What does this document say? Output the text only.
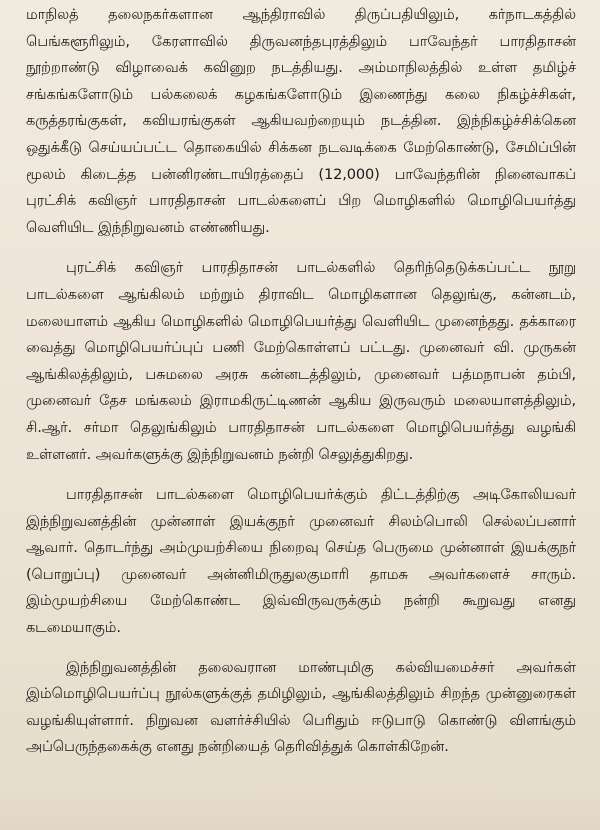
மாநிலத் தலைநகர்களான ஆந்திராவில் திருப்பதியிலும், கர்நாடகத்தில் பெங்களூரிலும், கேரளாவில் திருவனந்தபுரத்திலும் பாவேந்தர் பாரதிதாசன் நூற்றாண்டு விழாவைக் கவினுற நடத்தியது. அம்மாநிலத்தில் உள்ள தமிழ்ச் சங்கங்களோடும் பல்கலைக் கழகங்களோடும் இணைந்து கலை நிகழ்ச்சிகள், கருத்தரங்குகள், கவியரங்குகள் ஆகியவற்றையும் நடத்தின. இந்நிகழ்ச்சிக்கென ஒதுக்கீடு செய்யப்பட்ட தொகையில் சிக்கன நடவடிக்கை மேற்கொண்டு, சேமிப்பின் மூலம் கிடைத்த பன்னிரண்டாயிரத்தைப் (12,000) பாவேந்தரின் நினைவாகப் புரட்சிக் கவிஞர் பாரதிதாசன் பாடல்களைப் பிற மொழிகளில் மொழிபெயர்த்து வெளியிட இந்நிறுவனம் எண்ணியது.

புரட்சிக் கவிஞர் பாரதிதாசன் பாடல்களில் தெரிந்தெடுக்கப்பட்ட நூறு பாடல்களை ஆங்கிலம் மற்றும் திராவிட மொழிகளான தெலுங்கு, கன்னடம், மலையாளம் ஆகிய மொழிகளில் மொழிபெயர்த்து வெளியிட முனைந்தது. தக்காரை வைத்து மொழிபெயர்ப்புப் பணி மேற்கொள்ளப் பட்டது. முனைவர் வி. முருகன் ஆங்கிலத்திலும், பசுமலை அரசு கன்னடத்திலும், முனைவர் பத்மநாபன் தம்பி, முனைவர் தேச மங்கலம் இராமகிருட்டிணன் ஆகிய இருவரும் மலையாளத்திலும், சி.ஆர். சர்மா தெலுங்கிலும் பாரதிதாசன் பாடல்களை மொழிபெயர்த்து வழங்கி உள்ளனர். அவர்களுக்கு இந்நிறுவனம் நன்றி செலுத்துகிறது.

பாரதிதாசன் பாடல்களை மொழிபெயர்க்கும் திட்டத்திற்கு அடிகோலியவர் இந்நிறுவனத்தின் முன்னாள் இயக்குநர் முனைவர் சிலம்பொலி செல்லப்பனார் ஆவார். தொடர்ந்து அம்முயற்சியை நிறைவு செய்த பெருமை முன்னாள் இயக்குநர் (பொறுப்பு) முனைவர் அன்னிமிருதுலகுமாரி தாமசு அவர்களைச் சாரும். இம்முயற்சியை மேற்கொண்ட இவ்விருவருக்கும் நன்றி கூறுவது எனது கடமையாகும்.

இந்நிறுவனத்தின் தலைவரான மாண்புமிகு கல்வியமைச்சர் அவர்கள் இம்மொழிபெயர்ப்பு நூல்களுக்குத் தமிழிலும், ஆங்கிலத்திலும் சிறந்த முன்னுரைகள் வழங்கியுள்ளார். நிறுவன வளர்ச்சியில் பெரிதும் ஈடுபாடு கொண்டு விளங்கும் அப்பெருந்தகைக்கு எனது நன்றியைத் தெரிவித்துக் கொள்கிறேன்.
